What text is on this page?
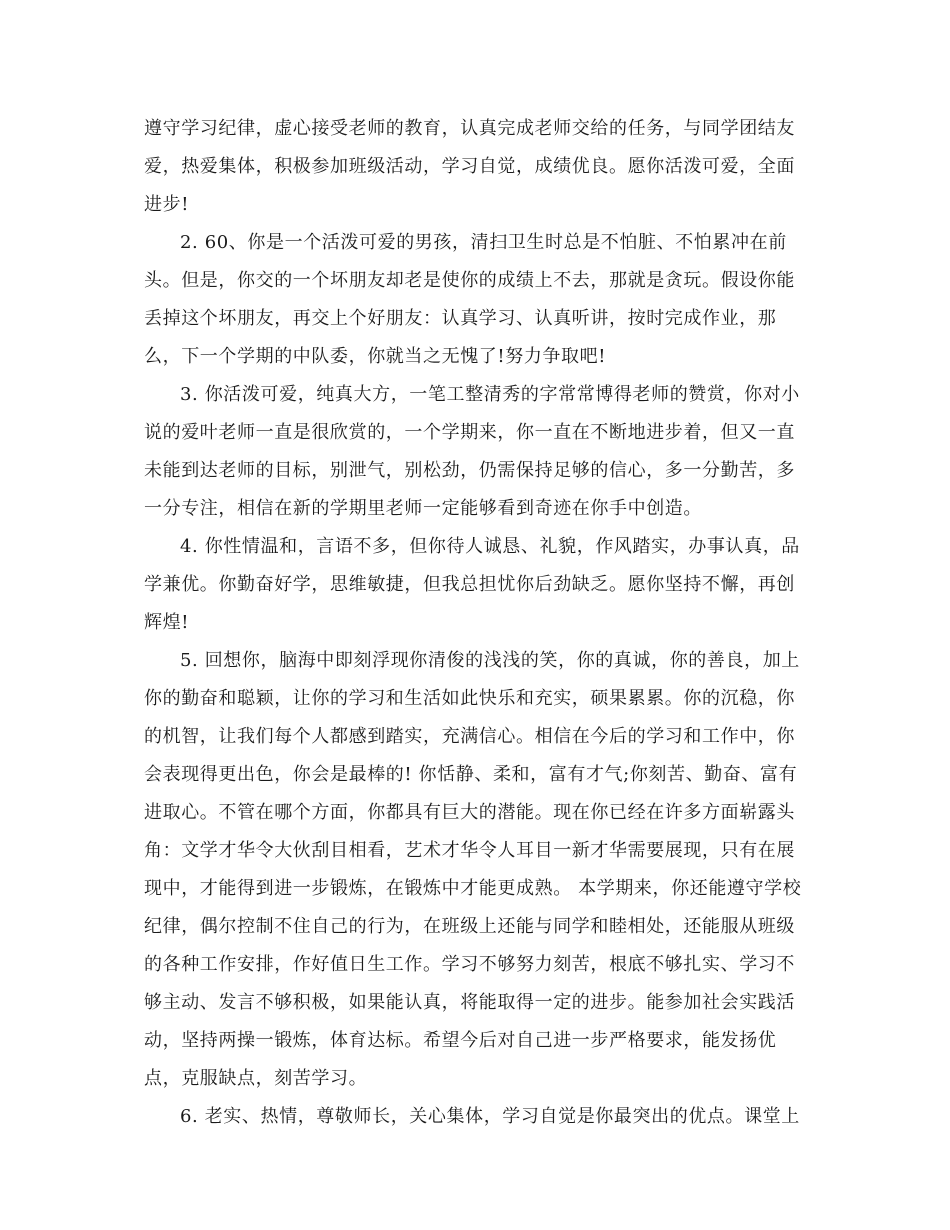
遵守学习纪律，虚心接受老师的教育，认真完成老师交给的任务，与同学团结友
爱，热爱集体，积极参加班级活动，学习自觉，成绩优良。愿你活泼可爱，全面
进步!
2. 60、你是一个活泼可爱的男孩，清扫卫生时总是不怕脏、不怕累冲在前
头。但是，你交的一个坏朋友却老是使你的成绩上不去，那就是贪玩。假设你能
丢掉这个坏朋友，再交上个好朋友：认真学习、认真听讲，按时完成作业，那
么，下一个学期的中队委，你就当之无愧了!努力争取吧!
3. 你活泼可爱，纯真大方，一笔工整清秀的字常常博得老师的赞赏，你对小
说的爱叶老师一直是很欣赏的，一个学期来，你一直在不断地进步着，但又一直
未能到达老师的目标，别泄气，别松劲，仍需保持足够的信心，多一分勤苦，多
一分专注，相信在新的学期里老师一定能够看到奇迹在你手中创造。
4. 你性情温和，言语不多，但你待人诚恳、礼貌，作风踏实，办事认真，品
学兼优。你勤奋好学，思维敏捷，但我总担忧你后劲缺乏。愿你坚持不懈，再创
辉煌!
5. 回想你，脑海中即刻浮现你清俊的浅浅的笑，你的真诚，你的善良，加上
你的勤奋和聪颖，让你的学习和生活如此快乐和充实，硕果累累。你的沉稳，你
的机智，让我们每个人都感到踏实，充满信心。相信在今后的学习和工作中，你
会表现得更出色，你会是最棒的! 你恬静、柔和，富有才气;你刻苦、勤奋、富有
进取心。不管在哪个方面，你都具有巨大的潜能。现在你已经在许多方面崭露头
角：文学才华令大伙刮目相看，艺术才华令人耳目一新才华需要展现，只有在展
现中，才能得到进一步锻炼，在锻炼中才能更成熟。 本学期来，你还能遵守学校
纪律，偶尔控制不住自己的行为，在班级上还能与同学和睦相处，还能服从班级
的各种工作安排，作好值日生工作。学习不够努力刻苦，根底不够扎实、学习不
够主动、发言不够积极，如果能认真，将能取得一定的进步。能参加社会实践活
动，坚持两操一锻炼，体育达标。希望今后对自己进一步严格要求，能发扬优
点，克服缺点，刻苦学习。
6. 老实、热情，尊敬师长，关心集体，学习自觉是你最突出的优点。课堂上
